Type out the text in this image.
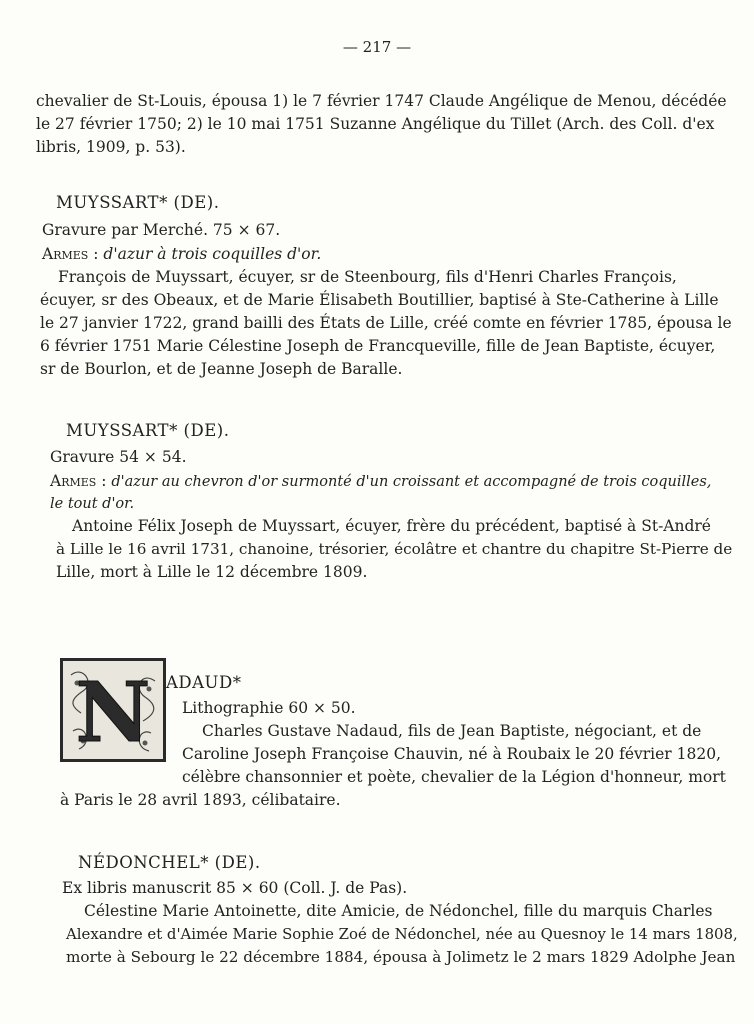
— 217 —
chevalier de St-Louis, épousa 1) le 7 février 1747 Claude Angélique de Menou, décédée
le 27 février 1750; 2) le 10 mai 1751 Suzanne Angélique du Tillet (Arch. des Coll. d'ex
libris, 1909, p. 53).
MUYSSART* (DE).
Gravure par Merché. 75 × 67.
Armes : d'azur à trois coquilles d'or.
François de Muyssart, écuyer, sr de Steenbourg, fils d'Henri Charles François,
écuyer, sr des Obeaux, et de Marie Élisabeth Boutillier, baptisé à Ste-Catherine à Lille
le 27 janvier 1722, grand bailli des États de Lille, créé comte en février 1785, épousa le
6 février 1751 Marie Célestine Joseph de Francqueville, fille de Jean Baptiste, écuyer,
sr de Bourlon, et de Jeanne Joseph de Baralle.
MUYSSART* (DE).
Gravure 54 × 54.
Armes : d'azur au chevron d'or surmonté d'un croissant et accompagné de trois coquilles,
le tout d'or.
Antoine Félix Joseph de Muyssart, écuyer, frère du précédent, baptisé à St-André
à Lille le 16 avril 1731, chanoine, trésorier, écolâtre et chantre du chapitre St-Pierre de
Lille, mort à Lille le 12 décembre 1809.
N ADAUD*
Lithographie 60 × 50.
Charles Gustave Nadaud, fils de Jean Baptiste, négociant, et de
Caroline Joseph Françoise Chauvin, né à Roubaix le 20 février 1820,
célèbre chansonnier et poète, chevalier de la Légion d'honneur, mort
à Paris le 28 avril 1893, célibataire.
NÉDONCHEL* (DE).
Ex libris manuscrit 85 × 60 (Coll. J. de Pas).
Célestine Marie Antoinette, dite Amicie, de Nédonchel, fille du marquis Charles
Alexandre et d'Aimée Marie Sophie Zoé de Nédonchel, née au Quesnoy le 14 mars 1808,
morte à Sebourg le 22 décembre 1884, épousa à Jolimetz le 2 mars 1829 Adolphe Jean
